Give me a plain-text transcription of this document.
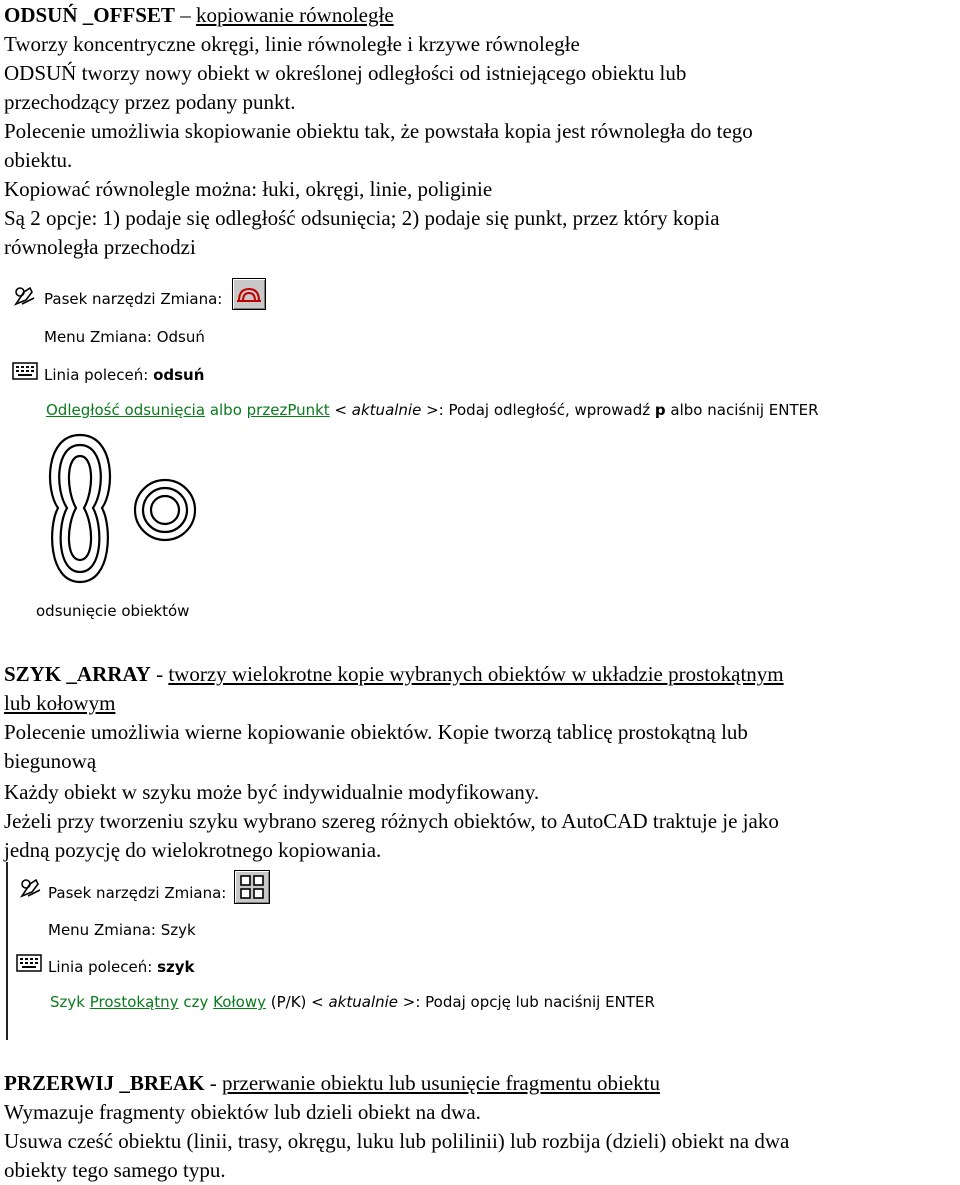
ODSUŃ _OFFSET – kopiowanie równoległe
Tworzy koncentryczne okręgi, linie równoległe i krzywe równoległe
ODSUŃ tworzy nowy obiekt w określonej odległości od istniejącego obiektu lub
przechodzący przez podany punkt.
Polecenie umożliwia skopiowanie obiektu tak, że powstała kopia jest równoległa do tego
obiektu.
Kopiować równolegle można: łuki, okręgi, linie, poliginie
Są 2 opcje: 1) podaje się odległość odsunięcia; 2) podaje się punkt, przez który kopia
równoległa przechodzi
Pasek narzędzi Zmiana:
Menu Zmiana: Odsuń
Linia poleceń: odsuń
Odległość odsunięcia albo przezPunkt < aktualnie >: Podaj odległość, wprowadź p albo naciśnij ENTER
odsunięcie obiektów
SZYK _ARRAY - tworzy wielokrotne kopie wybranych obiektów w układzie prostokątnym
lub kołowym
Polecenie umożliwia wierne kopiowanie obiektów. Kopie tworzą tablicę prostokątną lub
biegunową
Każdy obiekt w szyku może być indywidualnie modyfikowany.
Jeżeli przy tworzeniu szyku wybrano szereg różnych obiektów, to AutoCAD traktuje je jako
jedną pozycję do wielokrotnego kopiowania.
Pasek narzędzi Zmiana:
Menu Zmiana: Szyk
Linia poleceń: szyk
Szyk Prostokątny czy Kołowy (P/K) < aktualnie >: Podaj opcję lub naciśnij ENTER
PRZERWIJ _BREAK - przerwanie obiektu lub usunięcie fragmentu obiektu
Wymazuje fragmenty obiektów lub dzieli obiekt na dwa.
Usuwa cześć obiektu (linii, trasy, okręgu, luku lub polilinii) lub rozbija (dzieli) obiekt na dwa
obiekty tego samego typu.
